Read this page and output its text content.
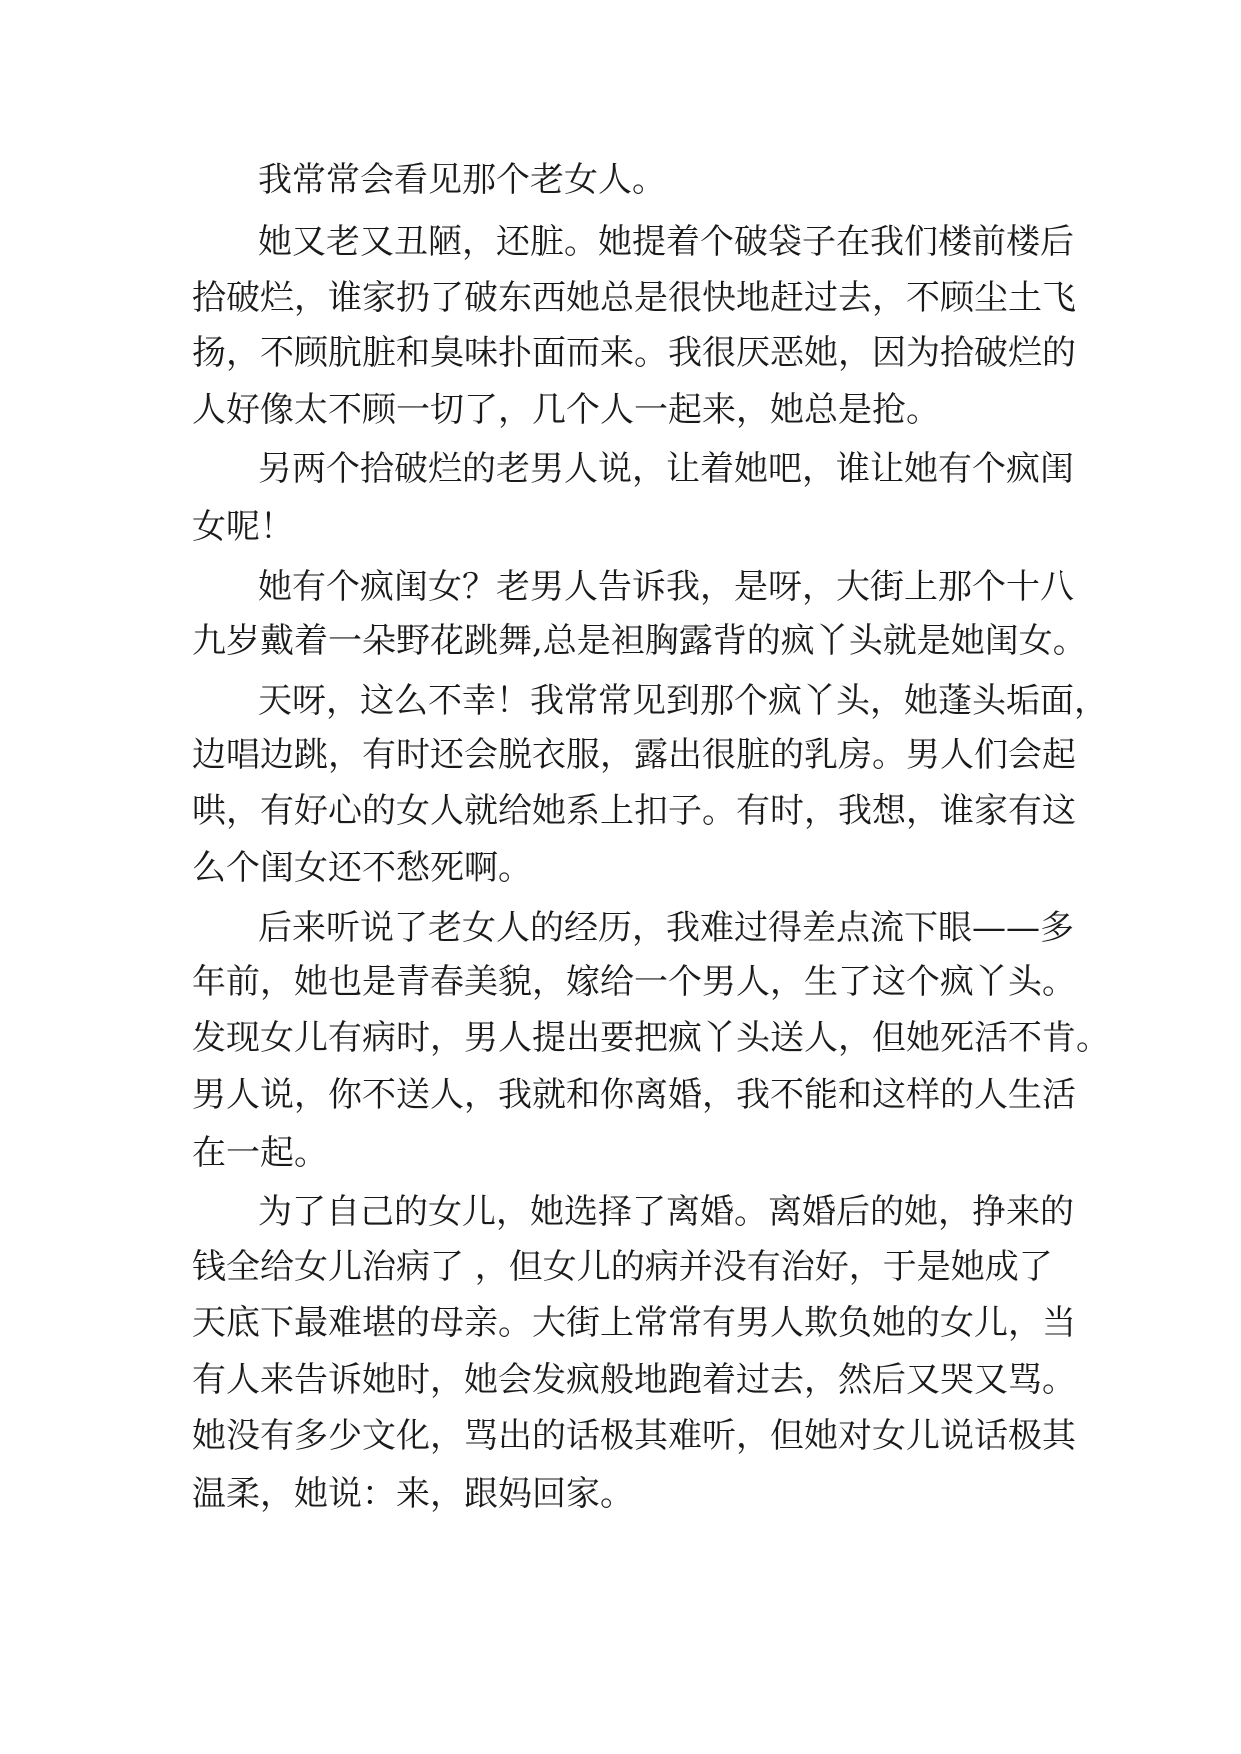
我常常会看见那个老女人。
她又老又丑陋，还脏。她提着个破袋子在我们楼前楼后
拾破烂，谁家扔了破东西她总是很快地赶过去，不顾尘土飞
扬，不顾肮脏和臭味扑面而来。我很厌恶她，因为拾破烂的
人好像太不顾一切了，几个人一起来，她总是抢。
另两个拾破烂的老男人说，让着她吧，谁让她有个疯闺
女呢！
她有个疯闺女？老男人告诉我，是呀，大街上那个十八
九岁戴着一朵野花跳舞,总是袒胸露背的疯丫头就是她闺女。
天呀，这么不幸！我常常见到那个疯丫头，她蓬头垢面，
边唱边跳，有时还会脱衣服，露出很脏的乳房。男人们会起
哄，有好心的女人就给她系上扣子。有时，我想，谁家有这
么个闺女还不愁死啊。
后来听说了老女人的经历，我难过得差点流下眼——多
年前，她也是青春美貌，嫁给一个男人，生了这个疯丫头。
发现女儿有病时，男人提出要把疯丫头送人，但她死活不肯。
男人说，你不送人，我就和你离婚，我不能和这样的人生活
在一起。
为了自己的女儿，她选择了离婚。离婚后的她，挣来的
钱全给女儿治病了 ，但女儿的病并没有治好，于是她成了
天底下最难堪的母亲。大街上常常有男人欺负她的女儿，当
有人来告诉她时，她会发疯般地跑着过去，然后又哭又骂。
她没有多少文化，骂出的话极其难听，但她对女儿说话极其
温柔，她说：来，跟妈回家。
